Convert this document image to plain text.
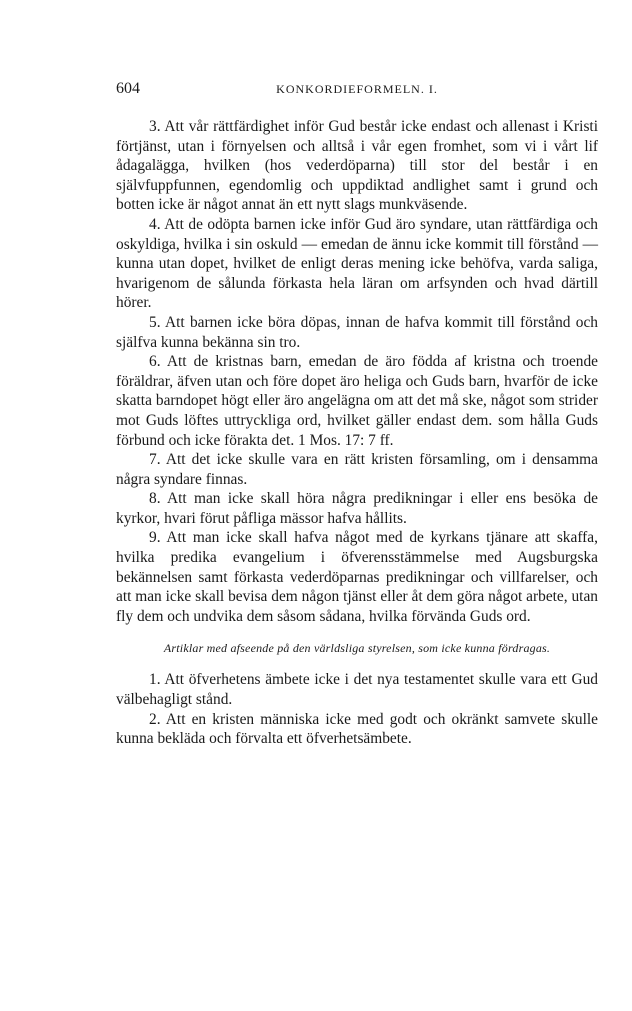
604	KONKORDIEFORMELN. I.

3. Att vår rättfärdighet inför Gud består icke endast och allenast i Kristi förtjänst, utan i förnyelsen och alltså i vår egen fromhet, som vi i vårt lif ådagalägga, hvilken (hos vederdöparna) till stor del består i en självfuppfunnen, egendomlig och uppdiktad andlighet samt i grund och botten icke är något annat än ett nytt slags munkväsende.

4. Att de odöpta barnen icke inför Gud äro syndare, utan rättfärdiga och oskyldiga, hvilka i sin oskuld — emedan de ännu icke kommit till förstånd — kunna utan dopet, hvilket de enligt deras mening icke behöfva, varda saliga, hvarigenom de sålunda förkasta hela läran om arfsynden och hvad därtill hörer.

5. Att barnen icke böra döpas, innan de hafva kommit till förstånd och själfva kunna bekänna sin tro.

6. Att de kristnas barn, emedan de äro födda af kristna och troende föräldrar, äfven utan och före dopet äro heliga och Guds barn, hvarför de icke skatta barndopet högt eller äro angelägna om att det må ske, något som strider mot Guds löftes uttryckliga ord, hvilket gäller endast dem. som hålla Guds förbund och icke förakta det. 1 Mos. 17: 7 ff.

7. Att det icke skulle vara en rätt kristen församling, om i densamma några syndare finnas.

8. Att man icke skall höra några predikningar i eller ens besöka de kyrkor, hvari förut påfliga mässor hafva hållits.

9. Att man icke skall hafva något med de kyrkans tjänare att skaffa, hvilka predika evangelium i öfverensstämmelse med Augsburgska bekännelsen samt förkasta vederdöparnas predikningar och villfarelser, och att man icke skall bevisa dem någon tjänst eller åt dem göra något arbete, utan fly dem och undvika dem såsom sådana, hvilka förvända Guds ord.

Artiklar med afseende på den världsliga styrelsen, som icke kunna fördragas.

1. Att öfverhetens ämbete icke i det nya testamentet skulle vara ett Gud välbehagligt stånd.

2. Att en kristen människa icke med godt och okränkt samvete skulle kunna bekläda och förvalta ett öfverhetsämbete.
